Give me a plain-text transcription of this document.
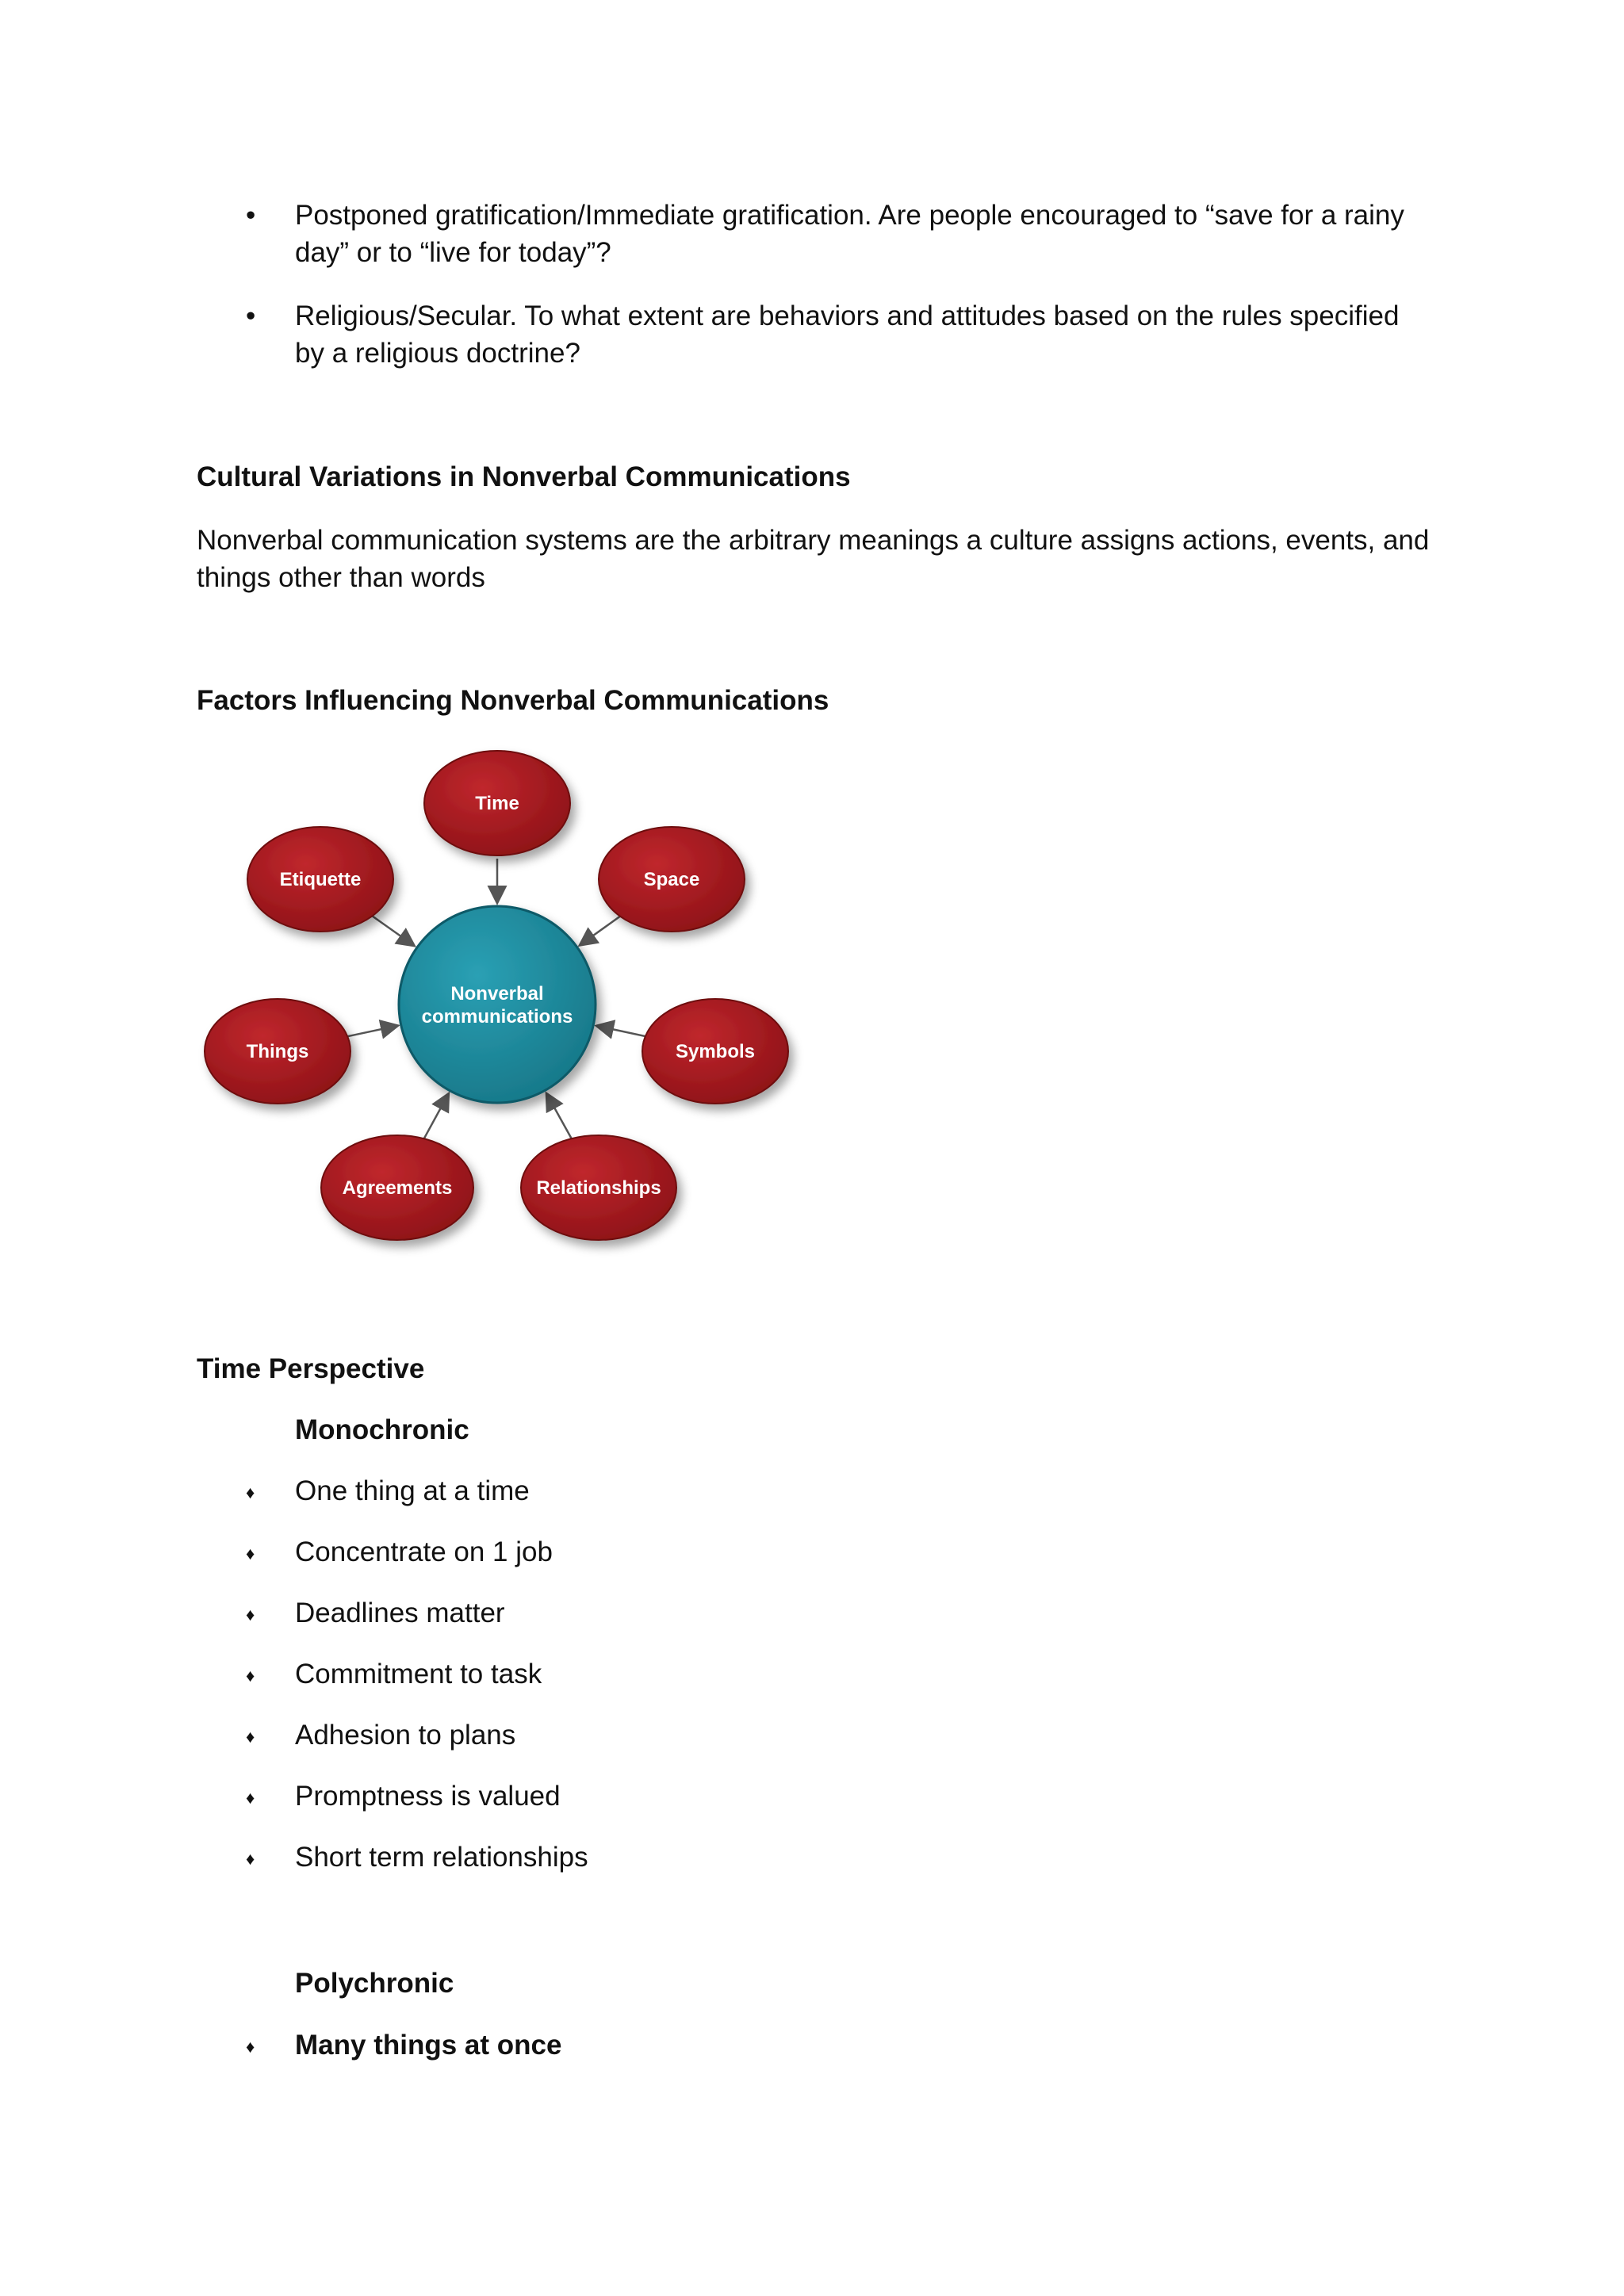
• Postponed gratification/Immediate gratification. Are people encouraged to “save for a rainy day” or to “live for today”?
• Religious/Secular. To what extent are behaviors and attitudes based on the rules specified by a religious doctrine?
Cultural Variations in Nonverbal Communications
Nonverbal communication systems are the arbitrary meanings a culture assigns actions, events, and things other than words
Factors Influencing Nonverbal Communications
Nonverbal
communications
Time
Space
Symbols
Relationships
Agreements
Things
Etiquette
Time Perspective
Monochronic
♦ One thing at a time
♦ Concentrate on 1 job
♦ Deadlines matter
♦ Commitment to task
♦ Adhesion to plans
♦ Promptness is valued
♦ Short term relationships
Polychronic
♦ Many things at once
